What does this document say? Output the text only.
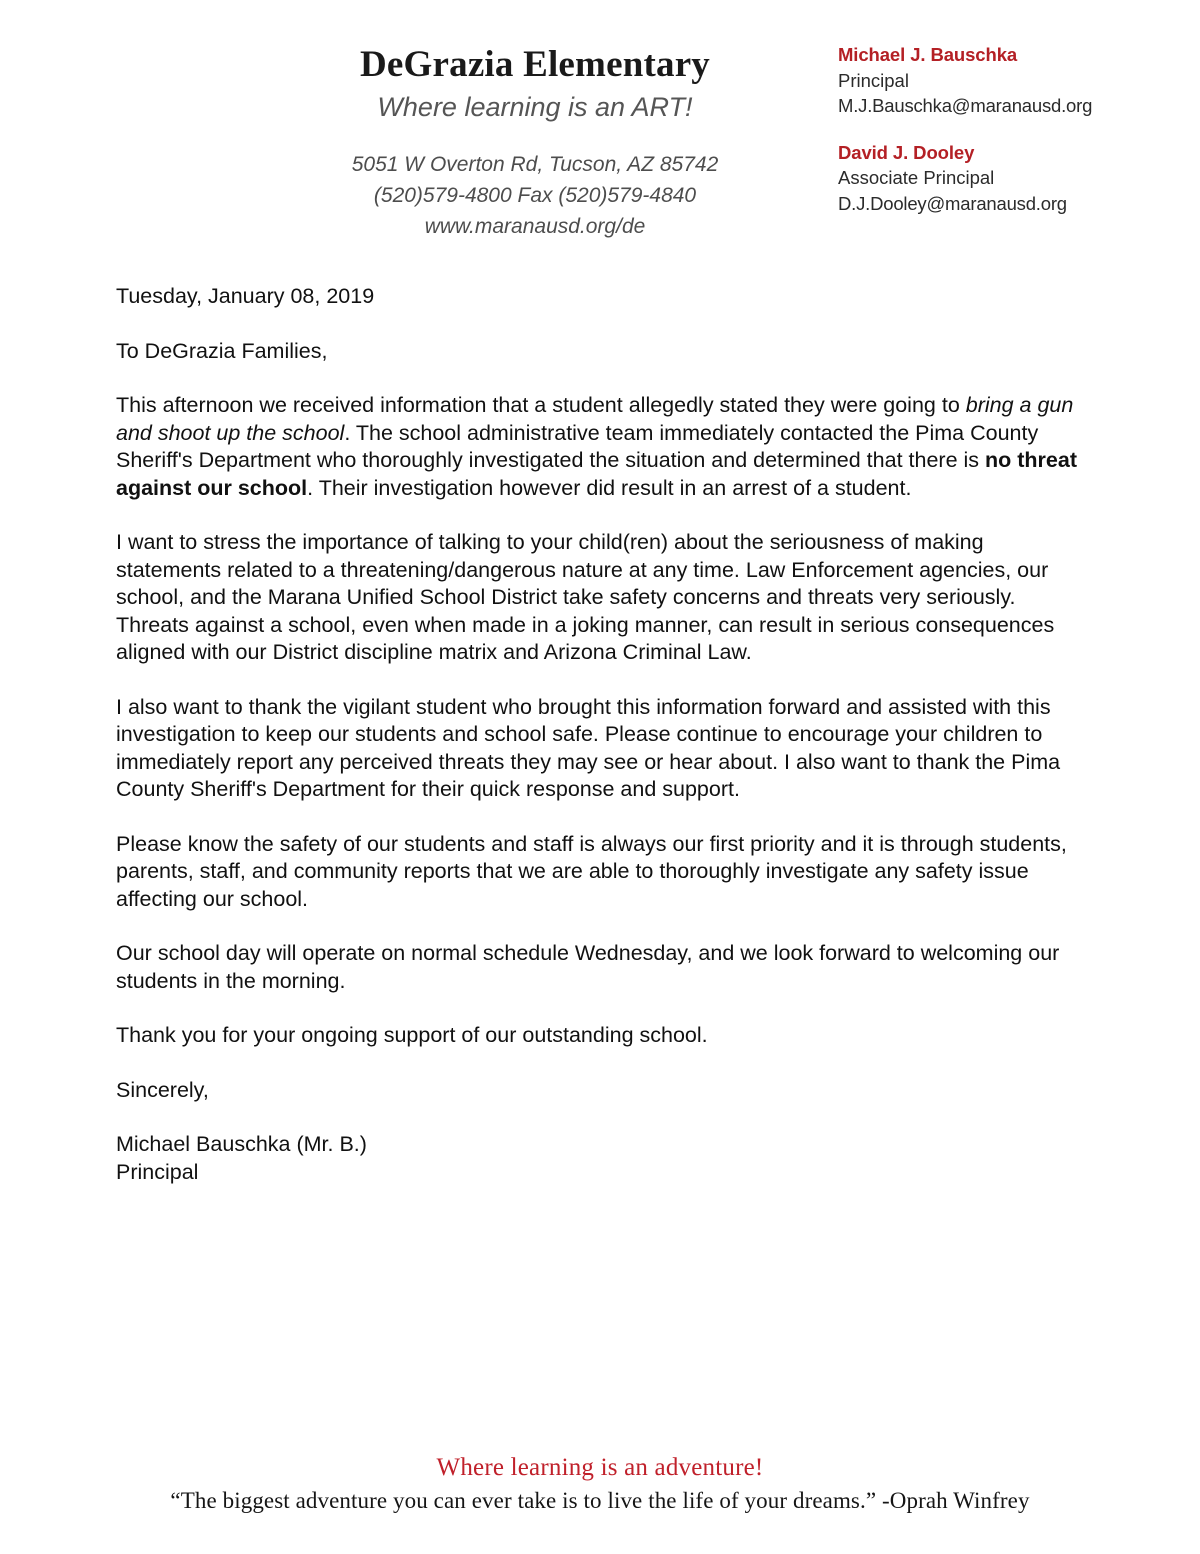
DeGrazia Elementary
Where learning is an ART!
5051 W Overton Rd, Tucson, AZ 85742
(520)579-4800 Fax (520)579-4840
www.maranausd.org/de
Michael J. Bauschka
Principal
M.J.Bauschka@maranausd.org
David J. Dooley
Associate Principal
D.J.Dooley@maranausd.org

Tuesday, January 08, 2019

To DeGrazia Families,

This afternoon we received information that a student allegedly stated they were going to bring a gun and shoot up the school. The school administrative team immediately contacted the Pima County Sheriff's Department who thoroughly investigated the situation and determined that there is no threat against our school. Their investigation however did result in an arrest of a student.

I want to stress the importance of talking to your child(ren) about the seriousness of making statements related to a threatening/dangerous nature at any time. Law Enforcement agencies, our school, and the Marana Unified School District take safety concerns and threats very seriously. Threats against a school, even when made in a joking manner, can result in serious consequences aligned with our District discipline matrix and Arizona Criminal Law.

I also want to thank the vigilant student who brought this information forward and assisted with this investigation to keep our students and school safe. Please continue to encourage your children to immediately report any perceived threats they may see or hear about. I also want to thank the Pima County Sheriff's Department for their quick response and support.

Please know the safety of our students and staff is always our first priority and it is through students, parents, staff, and community reports that we are able to thoroughly investigate any safety issue affecting our school.

Our school day will operate on normal schedule Wednesday, and we look forward to welcoming our students in the morning.

Thank you for your ongoing support of our outstanding school.

Sincerely,

Michael Bauschka (Mr. B.)

Principal

Where learning is an adventure!
“The biggest adventure you can ever take is to live the life of your dreams.” -Oprah Winfrey
